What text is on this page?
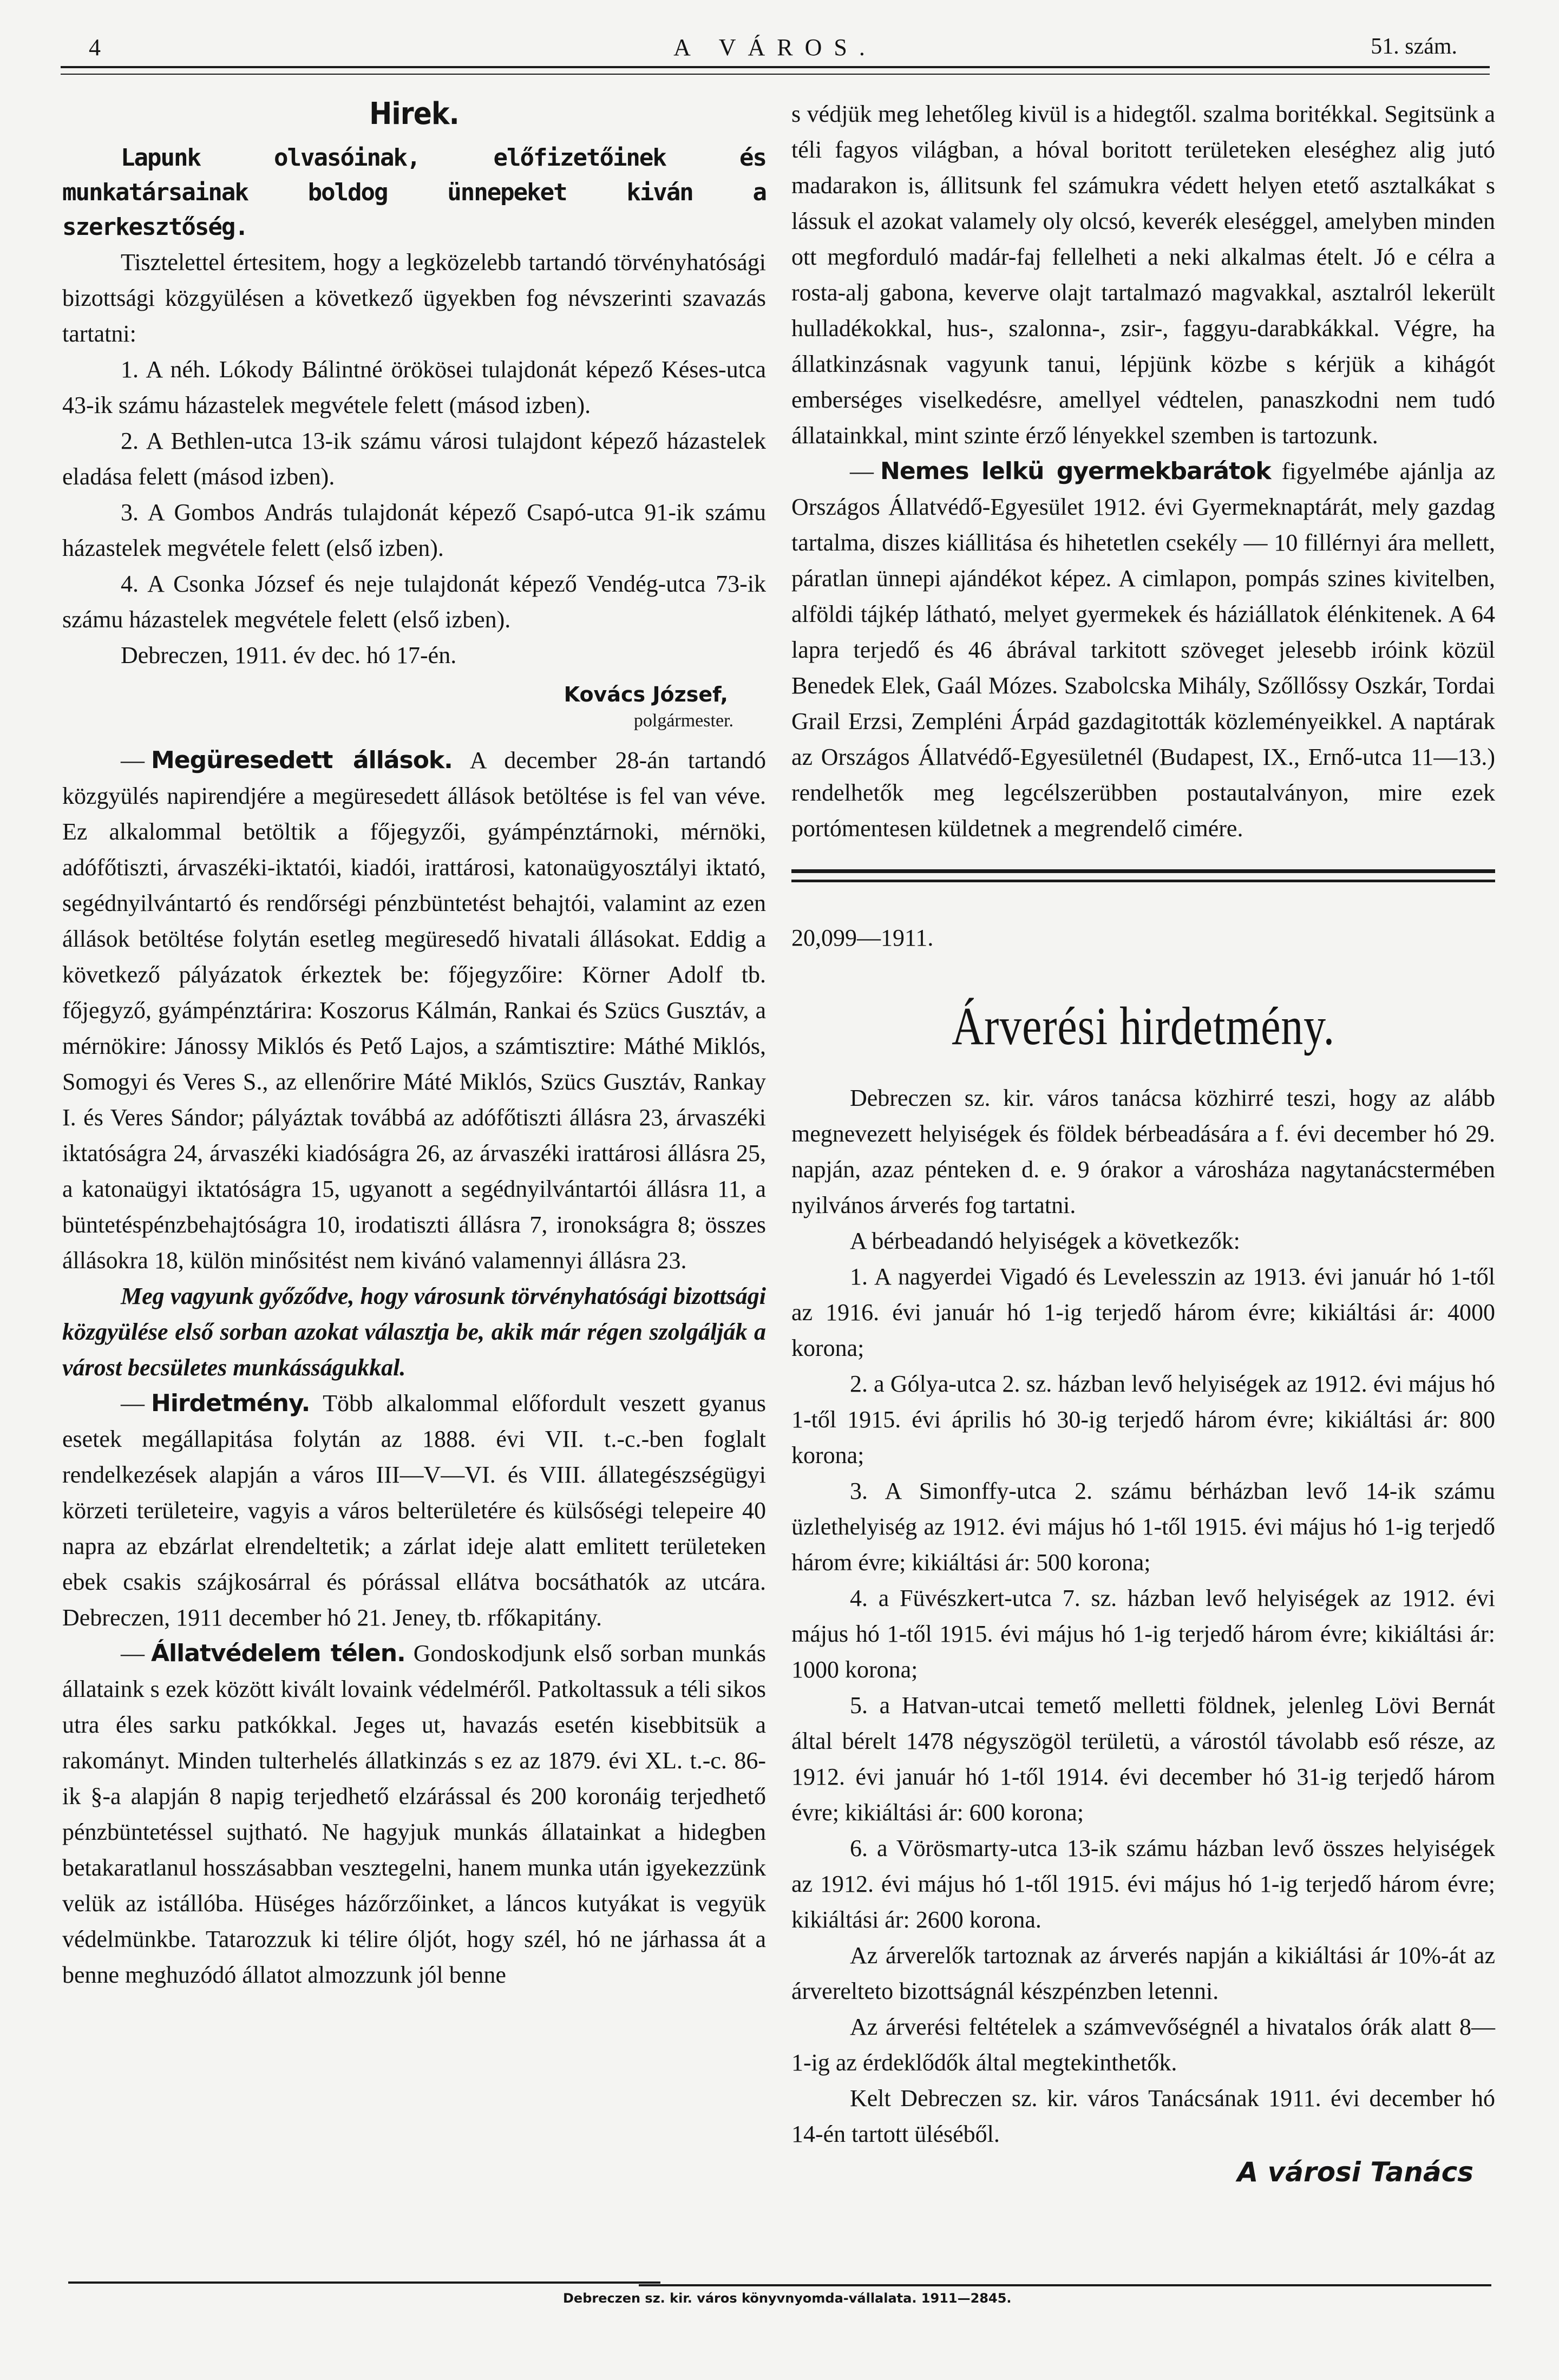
4	A VÁROS.	51. szám.
Hirek.

Lapunk olvasóinak, előfizetőinek és munkatársainak boldog ünnepeket kiván a szerkesztőség.

Tisztelettel értesitem, hogy a legközelebb tartandó törvényhatósági bizottsági közgyülésen a következő ügyekben fog névszerinti szavazás tartatni:

1. A néh. Lókody Bálintné örökösei tulajdonát képező Késes-utca 43-ik számu házastelek megvétele felett (másod izben).

2. A Bethlen-utca 13-ik számu városi tulajdont képező házastelek eladása felett (másod izben).

3. A Gombos András tulajdonát képező Csapó-utca 91-ik számu házastelek megvétele felett (első izben).

4. A Csonka József és neje tulajdonát képező Vendég-utca 73-ik számu házastelek megvétele felett (első izben).

Debreczen, 1911. év dec. hó 17-én.

Kovács József,
polgármester.

— Megüresedett állások. A december 28-án tartandó közgyülés napirendjére a megüresedett állások betöltése is fel van véve. Ez alkalommal betöltik a főjegyzői, gyámpénztárnoki, mérnöki, adófőtiszti, árvaszéki-iktatói, kiadói, irattárosi, katonaügyosztályi iktató, segédnyilvántartó és rendőrségi pénzbüntetést behajtói, valamint az ezen állások betöltése folytán esetleg megüresedő hivatali állásokat. Eddig a következő pályázatok érkeztek be: főjegyzőire: Körner Adolf tb. főjegyző, gyámpénztárira: Koszorus Kálmán, Rankai és Szücs Gusztáv, a mérnökire: Jánossy Miklós és Pető Lajos, a számtisztire: Máthé Miklós, Somogyi és Veres S., az ellenőrire Máté Miklós, Szücs Gusztáv, Rankay I. és Veres Sándor; pályáztak továbbá az adófőtiszti állásra 23, árvaszéki iktatóságra 24, árvaszéki kiadóságra 26, az árvaszéki irattárosi állásra 25, a katonaügyi iktatóságra 15, ugyanott a segédnyilvántartói állásra 11, a büntetéspénzbehajtóságra 10, irodatiszti állásra 7, ironokságra 8; összes állásokra 18, külön minősitést nem kivánó valamennyi állásra 23.

Meg vagyunk győződve, hogy városunk törvényhatósági bizottsági közgyülése első sorban azokat választja be, akik már régen szolgálják a várost becsületes munkásságukkal.

— Hirdetmény. Több alkalommal előfordult veszett gyanus esetek megállapitása folytán az 1888. évi VII. t.-c.-ben foglalt rendelkezések alapján a város III—V—VI. és VIII. állategészségügyi körzeti területeire, vagyis a város belterületére és külsőségi telepeire 40 napra az ebzárlat elrendeltetik; a zárlat ideje alatt emlitett területeken ebek csakis szájkosárral és pórással ellátva bocsáthatók az utcára. Debreczen, 1911 december hó 21. Jeney, tb. rfőkapitány.

— Állatvédelem télen. Gondoskodjunk első sorban munkás állataink s ezek között kivált lovaink védelméről. Patkoltassuk a téli sikos utra éles sarku patkókkal. Jeges ut, havazás esetén kisebbitsük a rakományt. Minden tulterhelés állatkinzás s ez az 1879. évi XL. t.-c. 86-ik §-a alapján 8 napig terjedhető elzárással és 200 koronáig terjedhető pénzbüntetéssel sujtható. Ne hagyjuk munkás állatainkat a hidegben betakaratlanul hosszásabban vesztegelni, hanem munka után igyekezzünk velük az istállóba. Hüséges házőrzőinket, a láncos kutyákat is vegyük védelmünkbe. Tatarozzuk ki télire óljót, hogy szél, hó ne járhassa át a benne meghuzódó állatot almozzunk jól benne

s védjük meg lehetőleg kivül is a hidegtől. szalma boritékkal. Segitsünk a téli fagyos világban, a hóval boritott területeken eleséghez alig jutó madarakon is, állitsunk fel számukra védett helyen etető asztalkákat s lássuk el azokat valamely oly olcsó, keverék eleséggel, amelyben minden ott megforduló madár-faj fellelheti a neki alkalmas ételt. Jó e célra a rosta-alj gabona, keverve olajt tartalmazó magvakkal, asztalról lekerült hulladékokkal, hus-, szalonna-, zsir-, faggyu-darabkákkal. Végre, ha állatkinzásnak vagyunk tanui, lépjünk közbe s kérjük a kihágót emberséges viselkedésre, amellyel védtelen, panaszkodni nem tudó állatainkkal, mint szinte érző lényekkel szemben is tartozunk.

— Nemes lelkü gyermekbarátok figyelmébe ajánlja az Országos Állatvédő-Egyesület 1912. évi Gyermeknaptárát, mely gazdag tartalma, diszes kiállitása és hihetetlen csekély — 10 fillérnyi ára mellett, páratlan ünnepi ajándékot képez. A cimlapon, pompás szines kivitelben, alföldi tájkép látható, melyet gyermekek és háziállatok élénkitenek. A 64 lapra terjedő és 46 ábrával tarkitott szöveget jelesebb iróink közül Benedek Elek, Gaál Mózes. Szabolcska Mihály, Szőllőssy Oszkár, Tordai Grail Erzsi, Zempléni Árpád gazdagitották közleményeikkel. A naptárak az Országos Állatvédő-Egyesületnél (Budapest, IX., Ernő-utca 11—13.) rendelhetők meg legcélszerübben postautalványon, mire ezek portómentesen küldetnek a megrendelő cimére.

20,099—1911.

Árverési hirdetmény.

Debreczen sz. kir. város tanácsa közhirré teszi, hogy az alább megnevezett helyiségek és földek bérbeadására a f. évi december hó 29. napján, azaz pénteken d. e. 9 órakor a városháza nagytanácstermében nyilvános árverés fog tartatni.

A bérbeadandó helyiségek a következők:

1. A nagyerdei Vigadó és Levelesszin az 1913. évi január hó 1-től az 1916. évi január hó 1-ig terjedő három évre; kikiáltási ár: 4000 korona;

2. a Gólya-utca 2. sz. házban levő helyiségek az 1912. évi május hó 1-től 1915. évi április hó 30-ig terjedő három évre; kikiáltási ár: 800 korona;

3. A Simonffy-utca 2. számu bérházban levő 14-ik számu üzlethelyiség az 1912. évi május hó 1-től 1915. évi május hó 1-ig terjedő három évre; kikiáltási ár: 500 korona;

4. a Füvészkert-utca 7. sz. házban levő helyiségek az 1912. évi május hó 1-től 1915. évi május hó 1-ig terjedő három évre; kikiáltási ár: 1000 korona;

5. a Hatvan-utcai temető melletti földnek, jelenleg Lövi Bernát által bérelt 1478 négyszögöl területü, a várostól távolabb eső része, az 1912. évi január hó 1-től 1914. évi december hó 31-ig terjedő három évre; kikiáltási ár: 600 korona;

6. a Vörösmarty-utca 13-ik számu házban levő összes helyiségek az 1912. évi május hó 1-től 1915. évi május hó 1-ig terjedő három évre; kikiáltási ár: 2600 korona.

Az árverelők tartoznak az árverés napján a kikiáltási ár 10%-át az árverelteto bizottságnál készpénzben letenni.

Az árverési feltételek a számvevőségnél a hivatalos órák alatt 8—1-ig az érdeklődők által megtekinthetők.

Kelt Debreczen sz. kir. város Tanácsának 1911. évi december hó 14-én tartott üléséből.

A városi Tanács
Debreczen sz. kir. város könyvnyomda-vállalata. 1911—2845.
